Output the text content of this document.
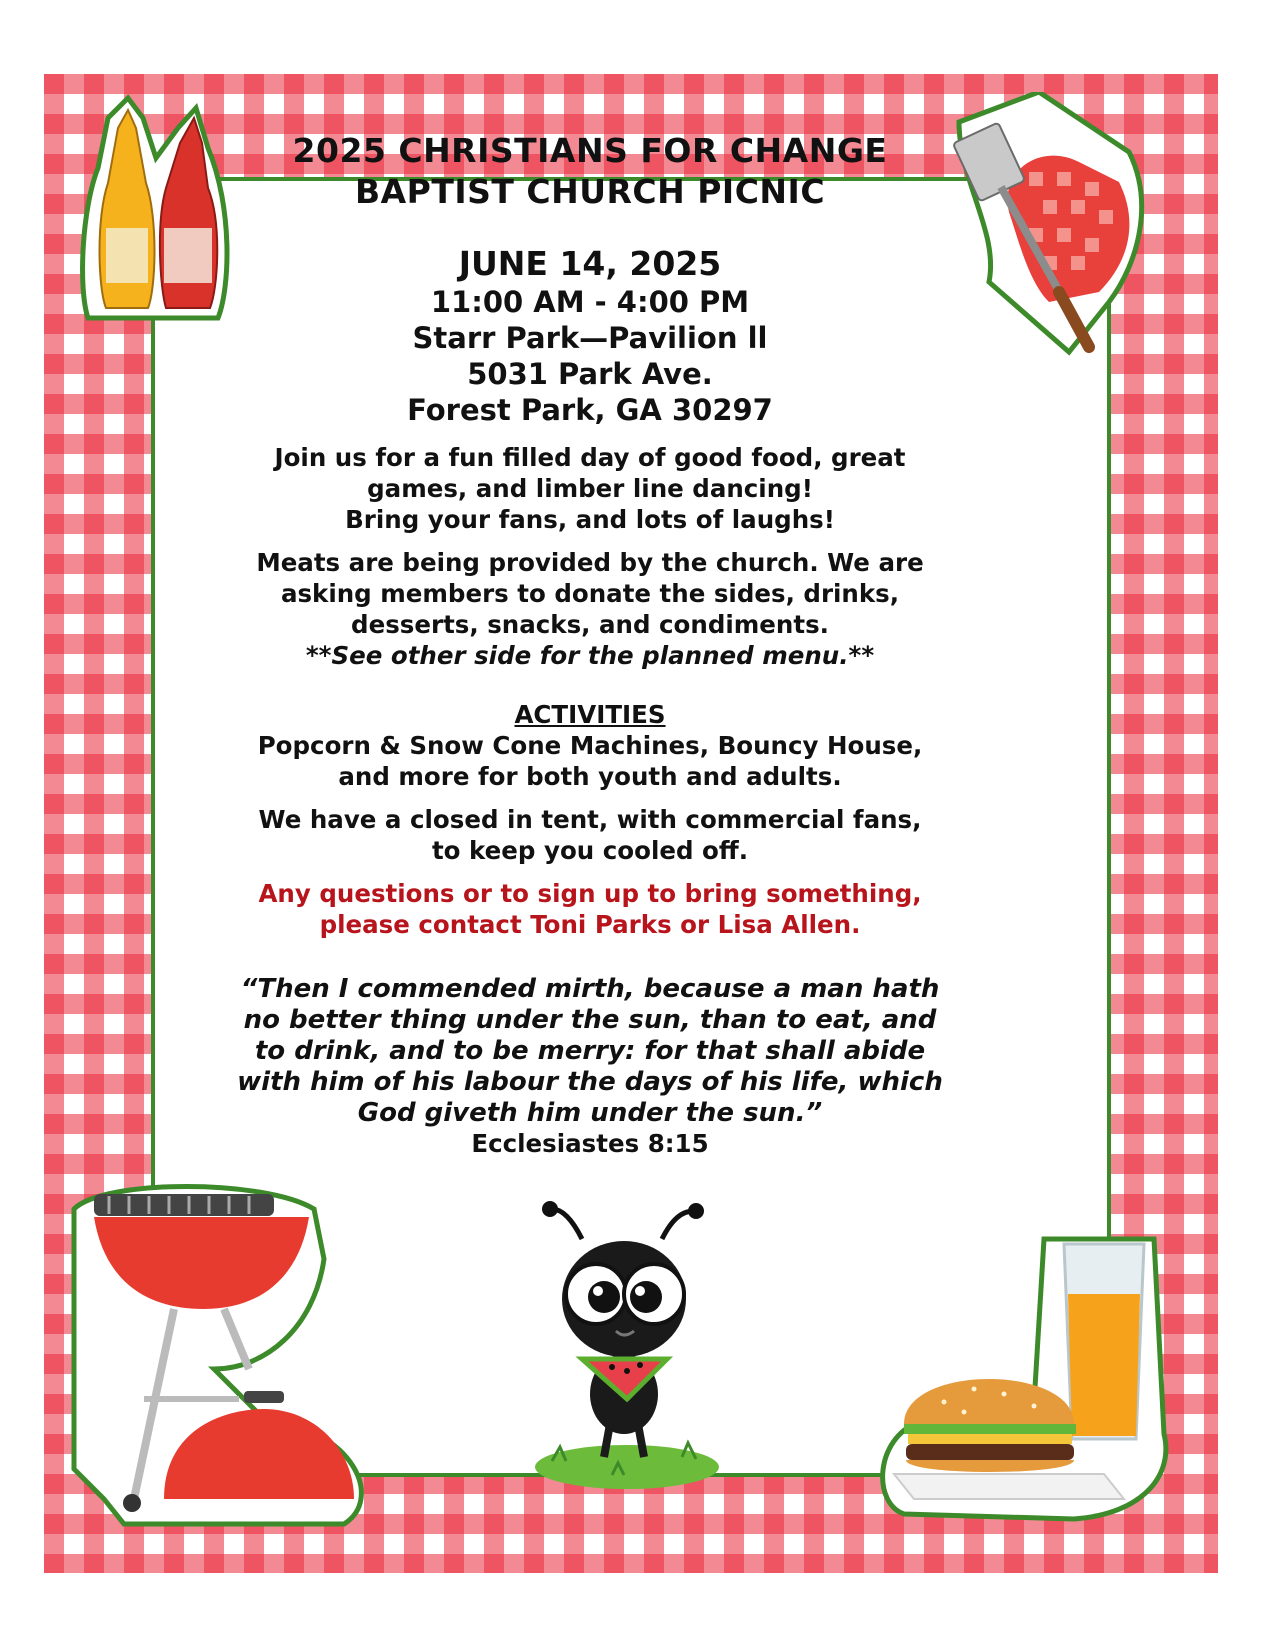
2025 CHRISTIANS FOR CHANGE
BAPTIST CHURCH PICNIC
JUNE 14, 2025
11:00 AM - 4:00 PM
Starr Park—Pavilion ll
5031 Park Ave.
Forest Park, GA 30297
Join us for a fun filled day of good food, great
games, and limber line dancing!
Bring your fans, and lots of laughs!
Meats are being provided by the church. We are
asking members to donate the sides, drinks,
desserts, snacks, and condiments.
**See other side for the planned menu.**
ACTIVITIES
Popcorn & Snow Cone Machines, Bouncy House,
and more for both youth and adults.
We have a closed in tent, with commercial fans,
to keep you cooled off.
Any questions or to sign up to bring something,
please contact Toni Parks or Lisa Allen.
“Then I commended mirth, because a man hath
no better thing under the sun, than to eat, and
to drink, and to be merry: for that shall abide
with him of his labour the days of his life, which
God giveth him under the sun.”
Ecclesiastes 8:15
